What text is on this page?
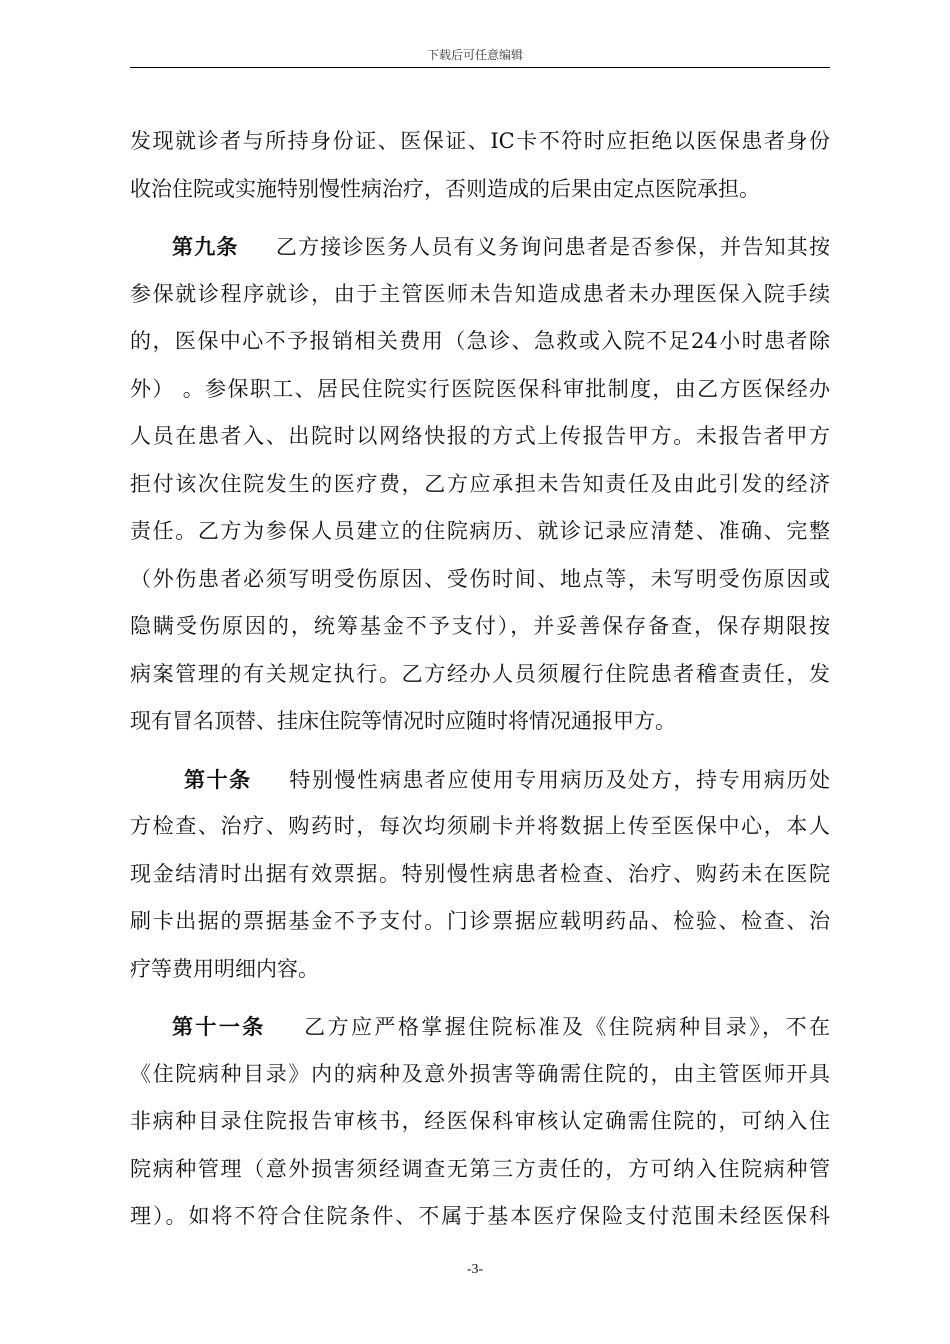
下载后可任意编辑
发现就诊者与所持身份证、医保证、IC卡不符时应拒绝以医保患者身份
收治住院或实施特别慢性病治疗，否则造成的后果由定点医院承担。
第九条 乙方接诊医务人员有义务询问患者是否参保，并告知其按
参保就诊程序就诊，由于主管医师未告知造成患者未办理医保入院手续
的，医保中心不予报销相关费用（急诊、急救或入院不足24小时患者除
外） 。参保职工、居民住院实行医院医保科审批制度，由乙方医保经办
人员在患者入、出院时以网络快报的方式上传报告甲方。未报告者甲方
拒付该次住院发生的医疗费，乙方应承担未告知责任及由此引发的经济
责任。乙方为参保人员建立的住院病历、就诊记录应清楚、准确、完整
（外伤患者必须写明受伤原因、受伤时间、地点等，未写明受伤原因或
隐瞒受伤原因的，统筹基金不予支付），并妥善保存备查，保存期限按
病案管理的有关规定执行。乙方经办人员须履行住院患者稽查责任，发
现有冒名顶替、挂床住院等情况时应随时将情况通报甲方。
第十条 特别慢性病患者应使用专用病历及处方，持专用病历处
方检查、治疗、购药时，每次均须刷卡并将数据上传至医保中心，本人
现金结清时出据有效票据。特别慢性病患者检查、治疗、购药未在医院
刷卡出据的票据基金不予支付。门诊票据应载明药品、检验、检查、治
疗等费用明细内容。
第十一条 乙方应严格掌握住院标准及《住院病种目录》，不在
《住院病种目录》内的病种及意外损害等确需住院的，由主管医师开具
非病种目录住院报告审核书，经医保科审核认定确需住院的，可纳入住
院病种管理（意外损害须经调查无第三方责任的，方可纳入住院病种管
理）。如将不符合住院条件、不属于基本医疗保险支付范围未经医保科
-3-
